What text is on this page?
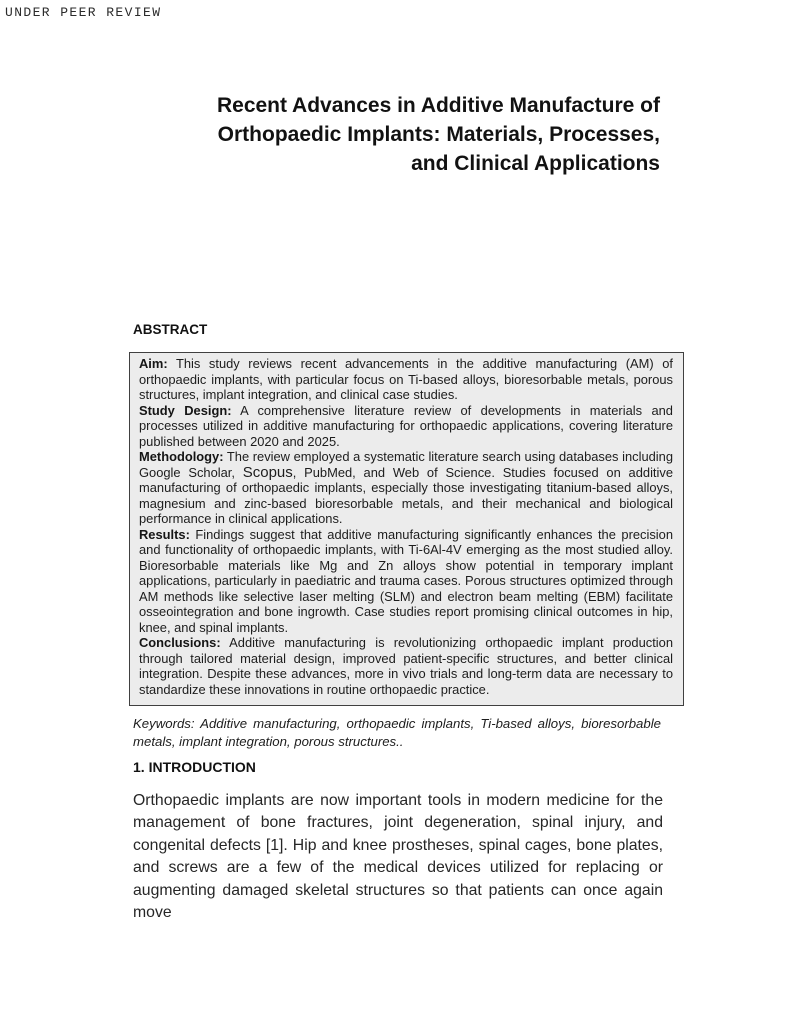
UNDER PEER REVIEW
Recent Advances in Additive Manufacture of
Orthopaedic Implants: Materials, Processes,
and Clinical Applications
ABSTRACT

Aim: This study reviews recent advancements in the additive manufacturing (AM) of orthopaedic implants, with particular focus on Ti-based alloys, bioresorbable metals, porous structures, implant integration, and clinical case studies.

Study Design: A comprehensive literature review of developments in materials and processes utilized in additive manufacturing for orthopaedic applications, covering literature published between 2020 and 2025.

Methodology: The review employed a systematic literature search using databases including Google Scholar, Scopus, PubMed, and Web of Science. Studies focused on additive manufacturing of orthopaedic implants, especially those investigating titanium-based alloys, magnesium and zinc-based bioresorbable metals, and their mechanical and biological performance in clinical applications.

Results: Findings suggest that additive manufacturing significantly enhances the precision and functionality of orthopaedic implants, with Ti-6Al-4V emerging as the most studied alloy. Bioresorbable materials like Mg and Zn alloys show potential in temporary implant applications, particularly in paediatric and trauma cases. Porous structures optimized through AM methods like selective laser melting (SLM) and electron beam melting (EBM) facilitate osseointegration and bone ingrowth. Case studies report promising clinical outcomes in hip, knee, and spinal implants.

Conclusions: Additive manufacturing is revolutionizing orthopaedic implant production through tailored material design, improved patient-specific structures, and better clinical integration. Despite these advances, more in vivo trials and long-term data are necessary to standardize these innovations in routine orthopaedic practice.

Keywords: Additive manufacturing, orthopaedic implants, Ti-based alloys, bioresorbable metals, implant integration, porous structures..

1. INTRODUCTION

Orthopaedic implants are now important tools in modern medicine for the management of bone fractures, joint degeneration, spinal injury, and congenital defects [1]. Hip and knee prostheses, spinal cages, bone plates, and screws are a few of the medical devices utilized for replacing or augmenting damaged skeletal structures so that patients can once again move
